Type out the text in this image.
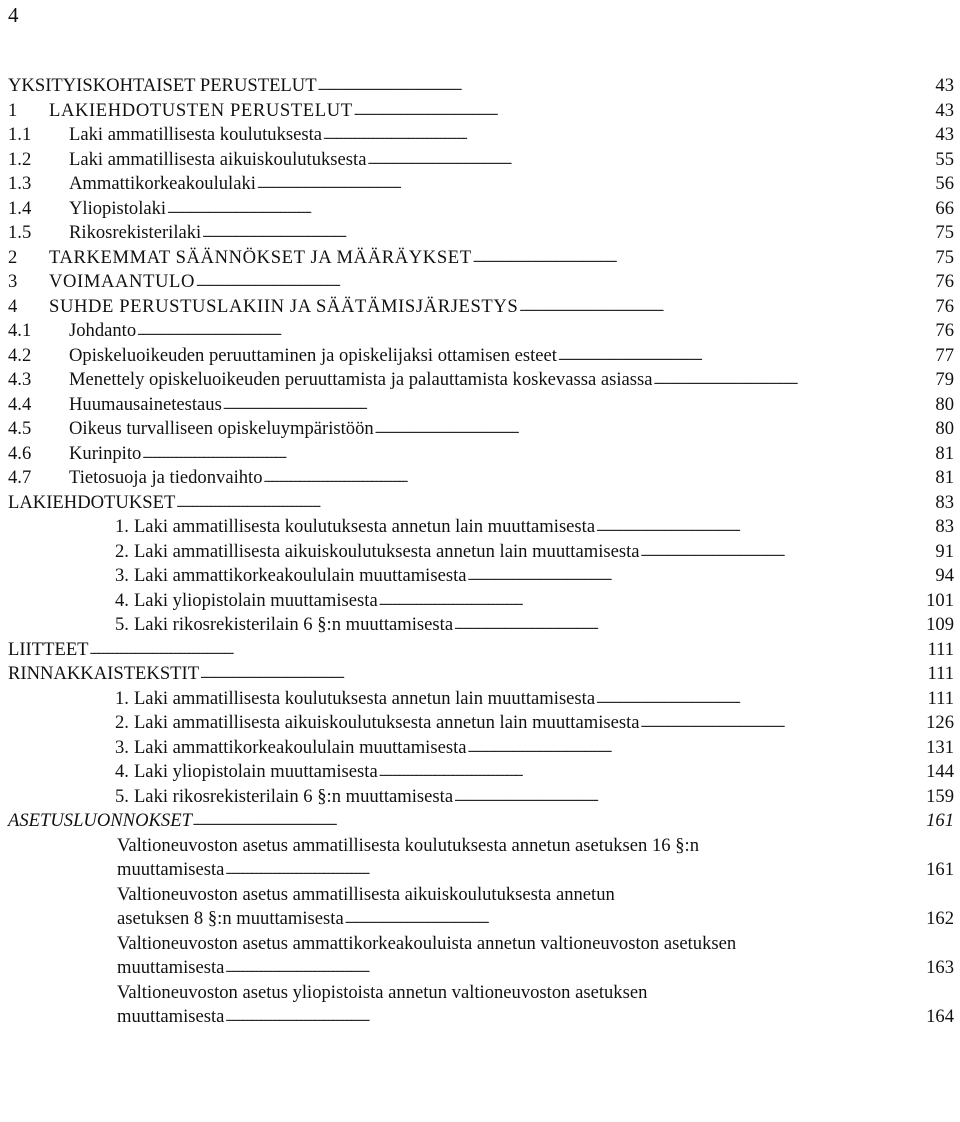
4
YKSITYISKOHTAISET PERUSTELUT . . .	43
1	LAKIEHDOTUSTEN PERUSTELUT . . .	43
1.1	Laki ammatillisesta koulutuksesta . . .	43
1.2	Laki ammatillisesta aikuiskoulutuksesta . . .	55
1.3	Ammattikorkeakoululaki . . .	56
1.4	Yliopistolaki . . .	66
1.5	Rikosrekisterilaki . . .	75
2	TARKEMMAT SÄÄNNÖKSET JA MÄÄRÄYKSET . . .	75
3	VOIMAANTULO . . .	76
4	SUHDE PERUSTUSLAKIIN JA SÄÄTÄMISJÄRJESTYS . . .	76
4.1	Johdanto . . .	76
4.2	Opiskeluoikeuden peruuttaminen ja opiskelijaksi ottamisen esteet . . .	77
4.3	Menettely opiskeluoikeuden peruuttamista ja palauttamista koskevassa asiassa . . .	79
4.4	Huumausainetestaus . . .	80
4.5	Oikeus turvalliseen opiskeluympäristöön . . .	80
4.6	Kurinpito . . .	81
4.7	Tietosuoja ja tiedonvaihto . . .	81
LAKIEHDOTUKSET . . .	83
1. Laki ammatillisesta koulutuksesta annetun lain muuttamisesta . . .	83
2. Laki ammatillisesta aikuiskoulutuksesta annetun lain muuttamisesta . . .	91
3. Laki ammattikorkeakoululain muuttamisesta . . .	94
4. Laki yliopistolain muuttamisesta . . .	101
5. Laki rikosrekisterilain 6 §:n muuttamisesta . . .	109
LIITTEET . . .	111
RINNAKKAISTEKSTIT . . .	111
1. Laki ammatillisesta koulutuksesta annetun lain muuttamisesta . . .	111
2. Laki ammatillisesta aikuiskoulutuksesta annetun lain muuttamisesta . . .	126
3. Laki ammattikorkeakoululain muuttamisesta . . .	131
4. Laki yliopistolain muuttamisesta . . .	144
5. Laki rikosrekisterilain 6 §:n muuttamisesta . . .	159
ASETUSLUONNOKSET . . .	161
Valtioneuvoston asetus ammatillisesta koulutuksesta annetun asetuksen 16 §:n
muuttamisesta . . .	161
Valtioneuvoston asetus ammatillisesta aikuiskoulutuksesta annetun
asetuksen 8 §:n muuttamisesta . . .	162
Valtioneuvoston asetus ammattikorkeakouluista annetun valtioneuvoston asetuksen
muuttamisesta . . .	163
Valtioneuvoston asetus yliopistoista annetun valtioneuvoston asetuksen
muuttamisesta . . .	164
